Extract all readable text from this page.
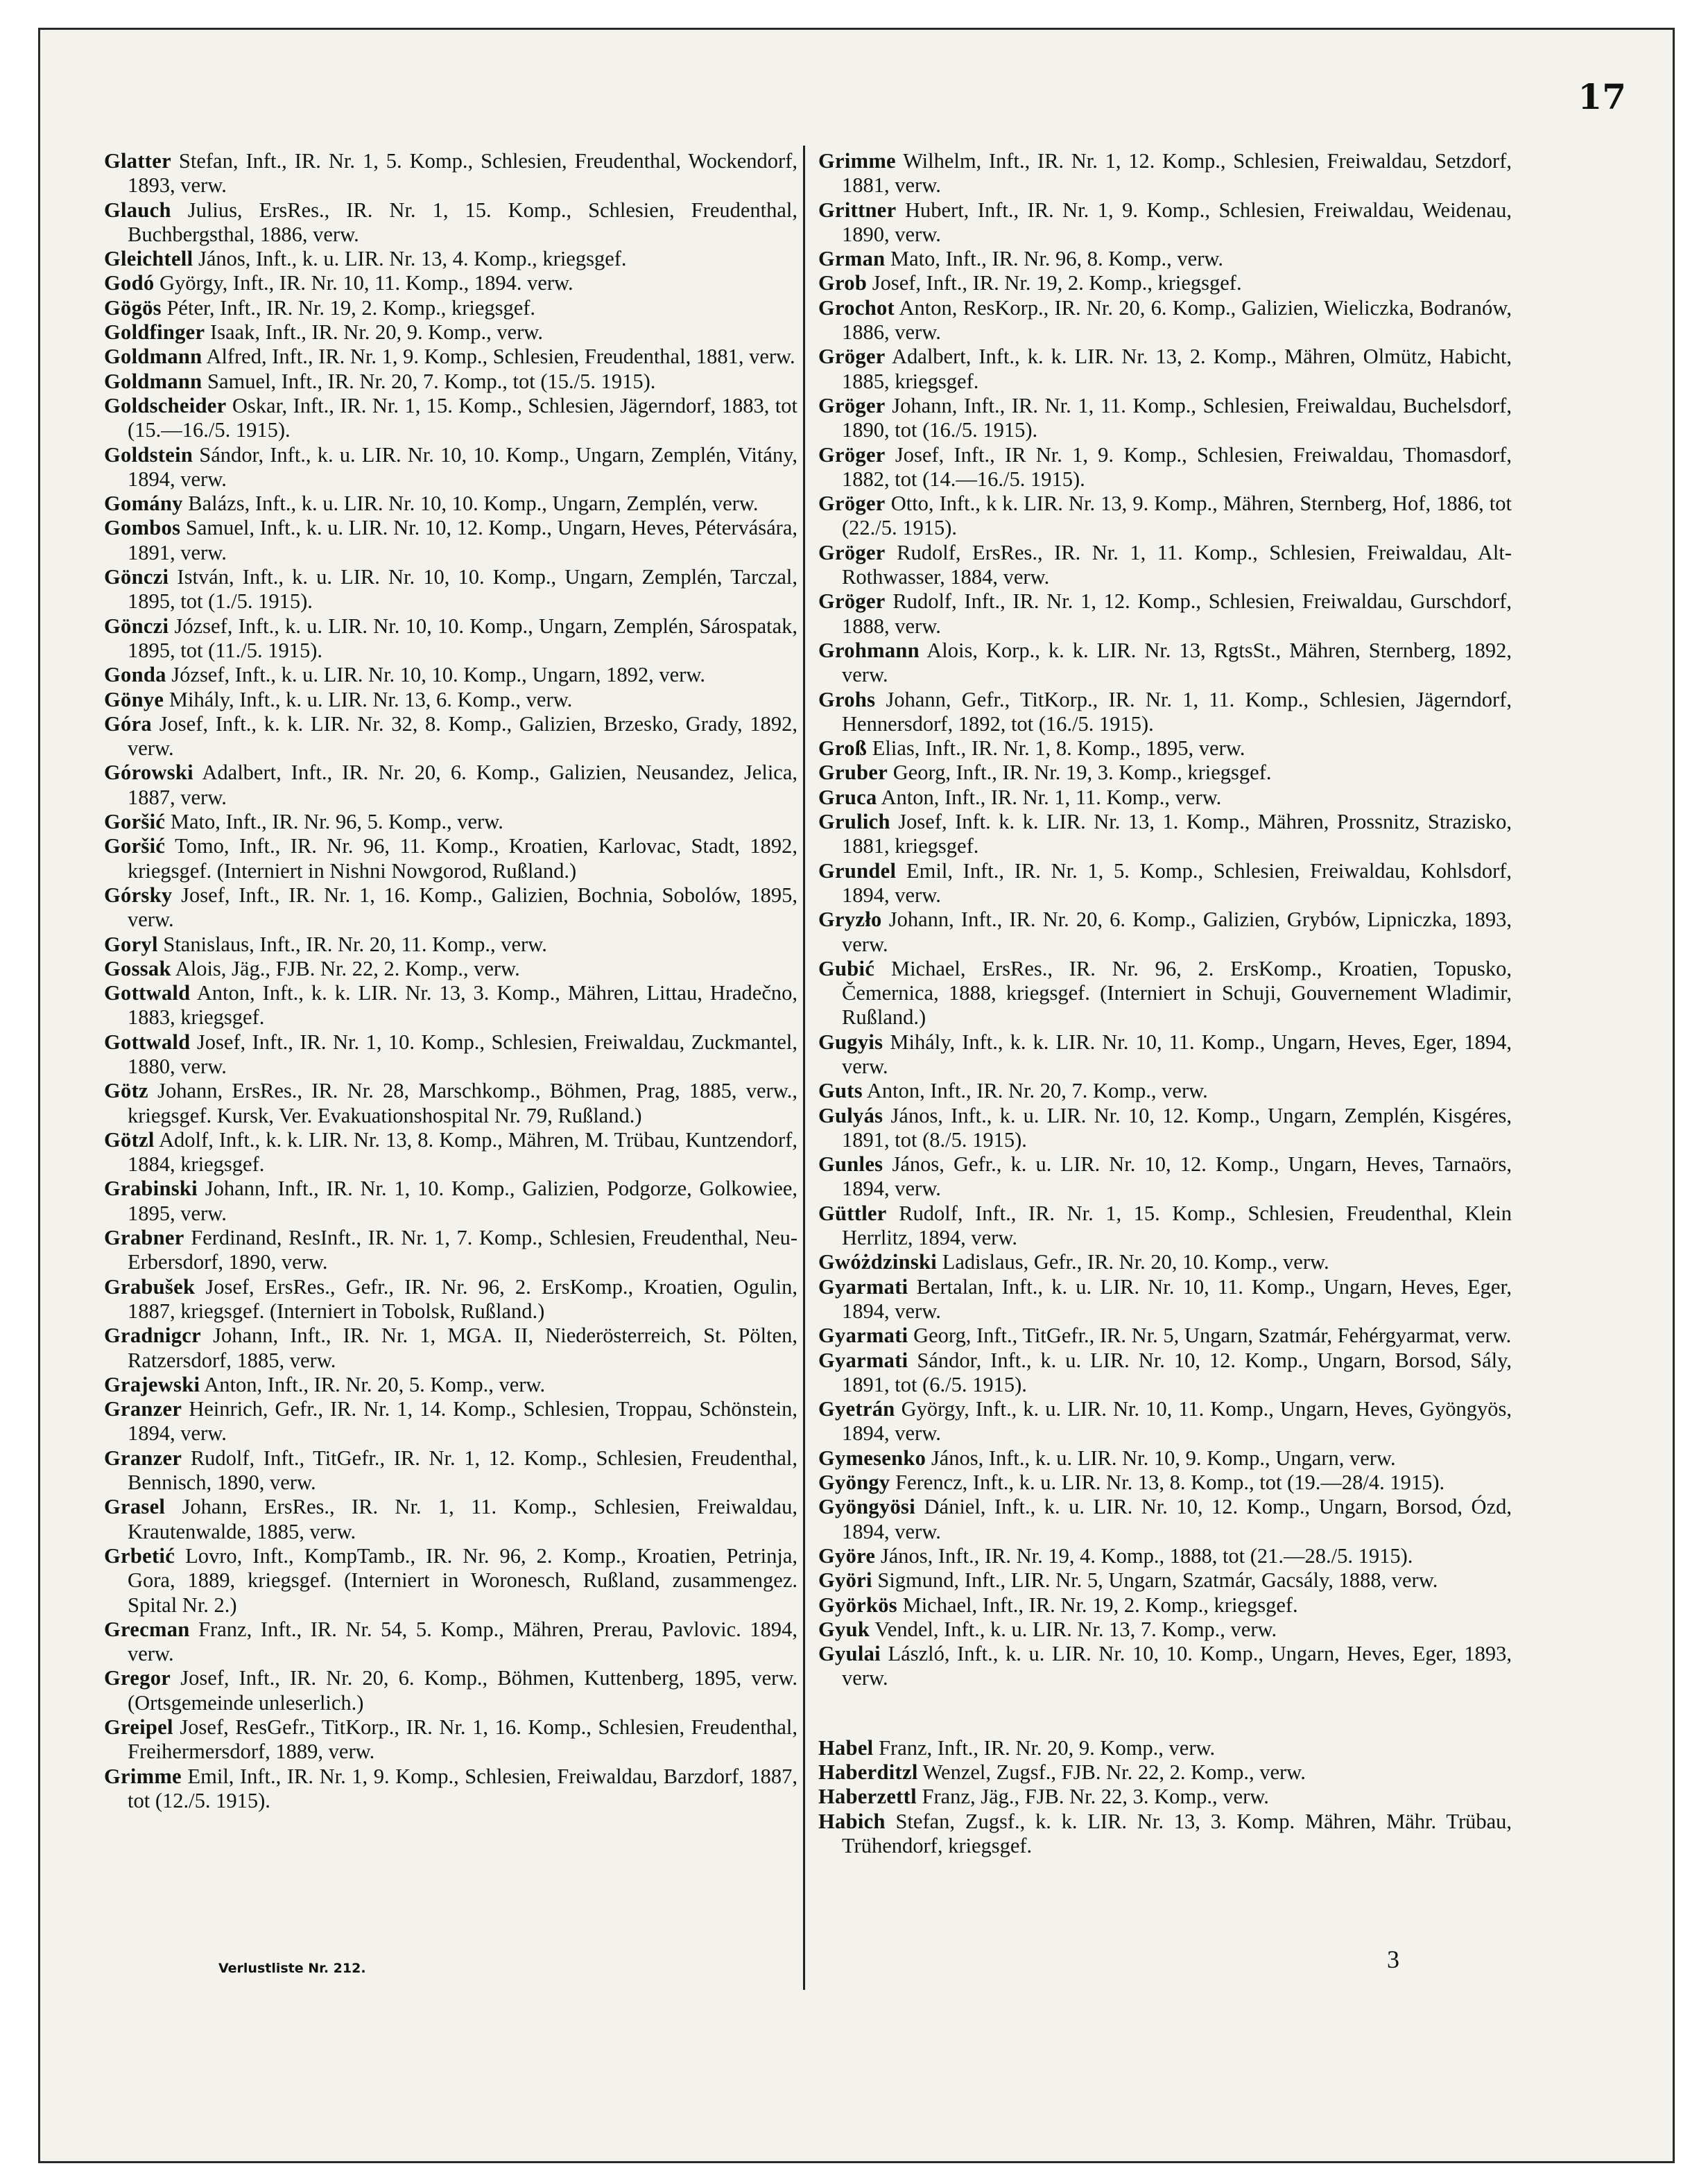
17

Glatter Stefan, Inft., IR. Nr. 1, 5. Komp., Schlesien, Freudenthal, Wockendorf, 1893, verw.

Glauch Julius, ErsRes., IR. Nr. 1, 15. Komp., Schlesien, Freudenthal, Buchbergsthal, 1886, verw.

Gleichtell János, Inft., k. u. LIR. Nr. 13, 4. Komp., kriegsgef.

Godó György, Inft., IR. Nr. 10, 11. Komp., 1894. verw.

Gögös Péter, Inft., IR. Nr. 19, 2. Komp., kriegsgef.

Goldfinger Isaak, Inft., IR. Nr. 20, 9. Komp., verw.

Goldmann Alfred, Inft., IR. Nr. 1, 9. Komp., Schlesien, Freudenthal, 1881, verw.

Goldmann Samuel, Inft., IR. Nr. 20, 7. Komp., tot (15./5. 1915).

Goldscheider Oskar, Inft., IR. Nr. 1, 15. Komp., Schlesien, Jägerndorf, 1883, tot (15.—16./5. 1915).

Goldstein Sándor, Inft., k. u. LIR. Nr. 10, 10. Komp., Ungarn, Zemplén, Vitány, 1894, verw.

Gomány Balázs, Inft., k. u. LIR. Nr. 10, 10. Komp., Ungarn, Zemplén, verw.

Gombos Samuel, Inft., k. u. LIR. Nr. 10, 12. Komp., Ungarn, Heves, Pétervására, 1891, verw.

Gönczi István, Inft., k. u. LIR. Nr. 10, 10. Komp., Ungarn, Zemplén, Tarczal, 1895, tot (1./5. 1915).

Gönczi József, Inft., k. u. LIR. Nr. 10, 10. Komp., Ungarn, Zemplén, Sárospatak, 1895, tot (11./5. 1915).

Gonda József, Inft., k. u. LIR. Nr. 10, 10. Komp., Ungarn, 1892, verw.

Gönye Mihály, Inft., k. u. LIR. Nr. 13, 6. Komp., verw.

Góra Josef, Inft., k. k. LIR. Nr. 32, 8. Komp., Galizien, Brzesko, Grady, 1892, verw.

Górowski Adalbert, Inft., IR. Nr. 20, 6. Komp., Galizien, Neusandez, Jelica, 1887, verw.

Goršić Mato, Inft., IR. Nr. 96, 5. Komp., verw.

Goršić Tomo, Inft., IR. Nr. 96, 11. Komp., Kroatien, Karlovac, Stadt, 1892, kriegsgef. (Interniert in Nishni Nowgorod, Rußland.)

Górsky Josef, Inft., IR. Nr. 1, 16. Komp., Galizien, Bochnia, Sobolów, 1895, verw.

Goryl Stanislaus, Inft., IR. Nr. 20, 11. Komp., verw.

Gossak Alois, Jäg., FJB. Nr. 22, 2. Komp., verw.

Gottwald Anton, Inft., k. k. LIR. Nr. 13, 3. Komp., Mähren, Littau, Hradečno, 1883, kriegsgef.

Gottwald Josef, Inft., IR. Nr. 1, 10. Komp., Schlesien, Freiwaldau, Zuckmantel, 1880, verw.

Götz Johann, ErsRes., IR. Nr. 28, Marschkomp., Böhmen, Prag, 1885, verw., kriegsgef. Kursk, Ver. Evakuationshospital Nr. 79, Rußland.)

Götzl Adolf, Inft., k. k. LIR. Nr. 13, 8. Komp., Mähren, M. Trübau, Kuntzendorf, 1884, kriegsgef.

Grabinski Johann, Inft., IR. Nr. 1, 10. Komp., Galizien, Podgorze, Golkowiee, 1895, verw.

Grabner Ferdinand, ResInft., IR. Nr. 1, 7. Komp., Schlesien, Freudenthal, Neu-Erbersdorf, 1890, verw.

Grabušek Josef, ErsRes., Gefr., IR. Nr. 96, 2. ErsKomp., Kroatien, Ogulin, 1887, kriegsgef. (Interniert in Tobolsk, Rußland.)

Gradnigcr Johann, Inft., IR. Nr. 1, MGA. II, Niederösterreich, St. Pölten, Ratzersdorf, 1885, verw.

Grajewski Anton, Inft., IR. Nr. 20, 5. Komp., verw.

Granzer Heinrich, Gefr., IR. Nr. 1, 14. Komp., Schlesien, Troppau, Schönstein, 1894, verw.

Granzer Rudolf, Inft., TitGefr., IR. Nr. 1, 12. Komp., Schlesien, Freudenthal, Bennisch, 1890, verw.

Grasel Johann, ErsRes., IR. Nr. 1, 11. Komp., Schlesien, Freiwaldau, Krautenwalde, 1885, verw.

Grbetić Lovro, Inft., KompTamb., IR. Nr. 96, 2. Komp., Kroatien, Petrinja, Gora, 1889, kriegsgef. (Interniert in Woronesch, Rußland, zusammengez. Spital Nr. 2.)

Grecman Franz, Inft., IR. Nr. 54, 5. Komp., Mähren, Prerau, Pavlovic. 1894, verw.

Gregor Josef, Inft., IR. Nr. 20, 6. Komp., Böhmen, Kuttenberg, 1895, verw. (Ortsgemeinde unleserlich.)

Greipel Josef, ResGefr., TitKorp., IR. Nr. 1, 16. Komp., Schlesien, Freudenthal, Freihermersdorf, 1889, verw.

Grimme Emil, Inft., IR. Nr. 1, 9. Komp., Schlesien, Freiwaldau, Barzdorf, 1887, tot (12./5. 1915).

Grimme Wilhelm, Inft., IR. Nr. 1, 12. Komp., Schlesien, Freiwaldau, Setzdorf, 1881, verw.

Grittner Hubert, Inft., IR. Nr. 1, 9. Komp., Schlesien, Freiwaldau, Weidenau, 1890, verw.

Grman Mato, Inft., IR. Nr. 96, 8. Komp., verw.

Grob Josef, Inft., IR. Nr. 19, 2. Komp., kriegsgef.

Grochot Anton, ResKorp., IR. Nr. 20, 6. Komp., Galizien, Wieliczka, Bodranów, 1886, verw.

Gröger Adalbert, Inft., k. k. LIR. Nr. 13, 2. Komp., Mähren, Olmütz, Habicht, 1885, kriegsgef.

Gröger Johann, Inft., IR. Nr. 1, 11. Komp., Schlesien, Freiwaldau, Buchelsdorf, 1890, tot (16./5. 1915).

Gröger Josef, Inft., IR Nr. 1, 9. Komp., Schlesien, Freiwaldau, Thomasdorf, 1882, tot (14.—16./5. 1915).

Gröger Otto, Inft., k k. LIR. Nr. 13, 9. Komp., Mähren, Sternberg, Hof, 1886, tot (22./5. 1915).

Gröger Rudolf, ErsRes., IR. Nr. 1, 11. Komp., Schlesien, Freiwaldau, Alt-Rothwasser, 1884, verw.

Gröger Rudolf, Inft., IR. Nr. 1, 12. Komp., Schlesien, Freiwaldau, Gurschdorf, 1888, verw.

Grohmann Alois, Korp., k. k. LIR. Nr. 13, RgtsSt., Mähren, Sternberg, 1892, verw.

Grohs Johann, Gefr., TitKorp., IR. Nr. 1, 11. Komp., Schlesien, Jägerndorf, Hennersdorf, 1892, tot (16./5. 1915).

Groß Elias, Inft., IR. Nr. 1, 8. Komp., 1895, verw.

Gruber Georg, Inft., IR. Nr. 19, 3. Komp., kriegsgef.

Gruca Anton, Inft., IR. Nr. 1, 11. Komp., verw.

Grulich Josef, Inft. k. k. LIR. Nr. 13, 1. Komp., Mähren, Prossnitz, Strazisko, 1881, kriegsgef.

Grundel Emil, Inft., IR. Nr. 1, 5. Komp., Schlesien, Freiwaldau, Kohlsdorf, 1894, verw.

Gryzło Johann, Inft., IR. Nr. 20, 6. Komp., Galizien, Grybów, Lipniczka, 1893, verw.

Gubić Michael, ErsRes., IR. Nr. 96, 2. ErsKomp., Kroatien, Topusko, Čemernica, 1888, kriegsgef. (Interniert in Schuji, Gouvernement Wladimir, Rußland.)

Gugyis Mihály, Inft., k. k. LIR. Nr. 10, 11. Komp., Ungarn, Heves, Eger, 1894, verw.

Guts Anton, Inft., IR. Nr. 20, 7. Komp., verw.

Gulyás János, Inft., k. u. LIR. Nr. 10, 12. Komp., Ungarn, Zemplén, Kisgéres, 1891, tot (8./5. 1915).

Gunles János, Gefr., k. u. LIR. Nr. 10, 12. Komp., Ungarn, Heves, Tarnaörs, 1894, verw.

Güttler Rudolf, Inft., IR. Nr. 1, 15. Komp., Schlesien, Freudenthal, Klein Herrlitz, 1894, verw.

Gwóżdzinski Ladislaus, Gefr., IR. Nr. 20, 10. Komp., verw.

Gyarmati Bertalan, Inft., k. u. LIR. Nr. 10, 11. Komp., Ungarn, Heves, Eger, 1894, verw.

Gyarmati Georg, Inft., TitGefr., IR. Nr. 5, Ungarn, Szatmár, Fehérgyarmat, verw.

Gyarmati Sándor, Inft., k. u. LIR. Nr. 10, 12. Komp., Ungarn, Borsod, Sály, 1891, tot (6./5. 1915).

Gyetrán György, Inft., k. u. LIR. Nr. 10, 11. Komp., Ungarn, Heves, Gyöngyös, 1894, verw.

Gymesenko János, Inft., k. u. LIR. Nr. 10, 9. Komp., Ungarn, verw.

Gyöngy Ferencz, Inft., k. u. LIR. Nr. 13, 8. Komp., tot (19.—28/4. 1915).

Gyöngyösi Dániel, Inft., k. u. LIR. Nr. 10, 12. Komp., Ungarn, Borsod, Ózd, 1894, verw.

Györe János, Inft., IR. Nr. 19, 4. Komp., 1888, tot (21.—28./5. 1915).

Györi Sigmund, Inft., LIR. Nr. 5, Ungarn, Szatmár, Gacsály, 1888, verw.

Györkös Michael, Inft., IR. Nr. 19, 2. Komp., kriegsgef.

Gyuk Vendel, Inft., k. u. LIR. Nr. 13, 7. Komp., verw.

Gyulai László, Inft., k. u. LIR. Nr. 10, 10. Komp., Ungarn, Heves, Eger, 1893, verw.

Habel Franz, Inft., IR. Nr. 20, 9. Komp., verw.

Haberditzl Wenzel, Zugsf., FJB. Nr. 22, 2. Komp., verw.

Haberzettl Franz, Jäg., FJB. Nr. 22, 3. Komp., verw.

Habich Stefan, Zugsf., k. k. LIR. Nr. 13, 3. Komp. Mähren, Mähr. Trübau, Trühendorf, kriegsgef.

Verlustliste Nr. 212.	3
